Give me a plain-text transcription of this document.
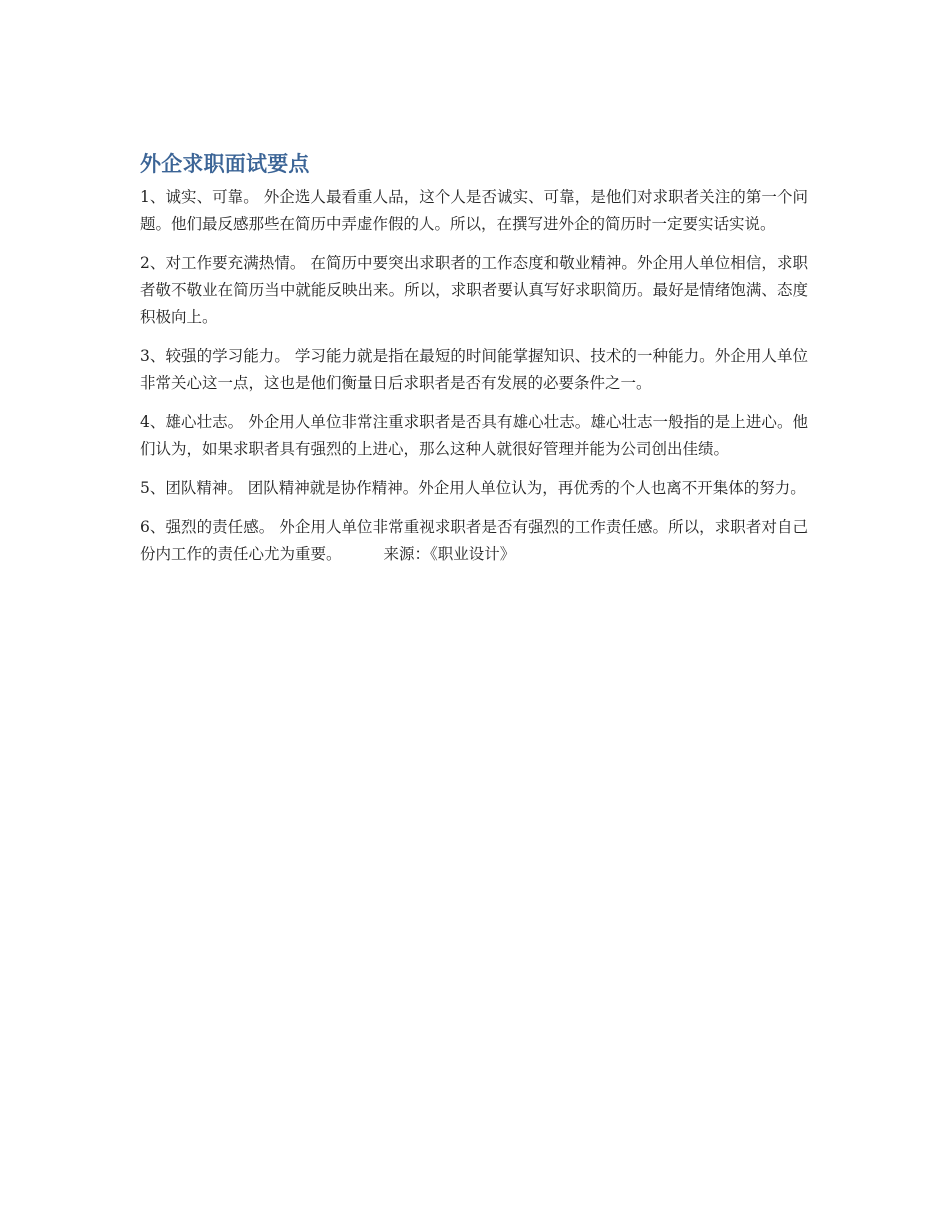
外企求职面试要点

1、诚实、可靠。 外企选人最看重人品，这个人是否诚实、可靠，是他们对求职者关注的第一个问题。他们最反感那些在简历中弄虚作假的人。所以，在撰写进外企的简历时一定要实话实说。

2、对工作要充满热情。 在简历中要突出求职者的工作态度和敬业精神。外企用人单位相信，求职者敬不敬业在简历当中就能反映出来。所以，求职者要认真写好求职简历。最好是情绪饱满、态度积极向上。

3、较强的学习能力。 学习能力就是指在最短的时间能掌握知识、技术的一种能力。外企用人单位非常关心这一点，这也是他们衡量日后求职者是否有发展的必要条件之一。

4、雄心壮志。 外企用人单位非常注重求职者是否具有雄心壮志。雄心壮志一般指的是上进心。他们认为，如果求职者具有强烈的上进心，那么这种人就很好管理并能为公司创出佳绩。

5、团队精神。 团队精神就是协作精神。外企用人单位认为，再优秀的个人也离不开集体的努力。

6、强烈的责任感。 外企用人单位非常重视求职者是否有强烈的工作责任感。所以，求职者对自己份内工作的责任心尤为重要。	来源：《职业设计》
